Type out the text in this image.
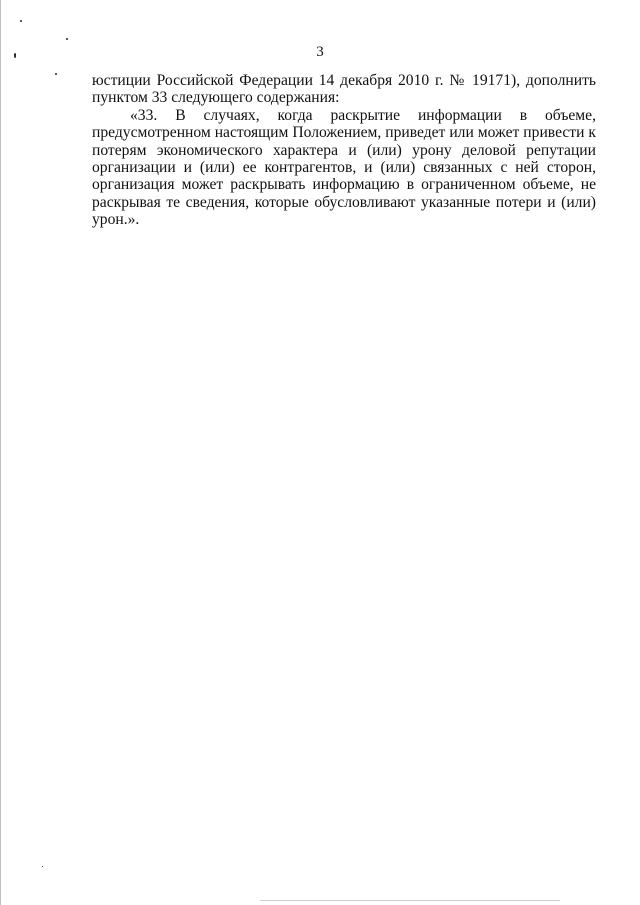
3
юстиции Российской Федерации 14 декабря 2010 г. № 19171), дополнить
пунктом 33 следующего содержания:
«33. В случаях, когда раскрытие информации в объеме,
предусмотренном настоящим Положением, приведет или может привести к
потерям экономического характера и (или) урону деловой репутации
организации и (или) ее контрагентов, и (или) связанных с ней сторон,
организация может раскрывать информацию в ограниченном объеме, не
раскрывая те сведения, которые обусловливают указанные потери и (или)
урон.».
